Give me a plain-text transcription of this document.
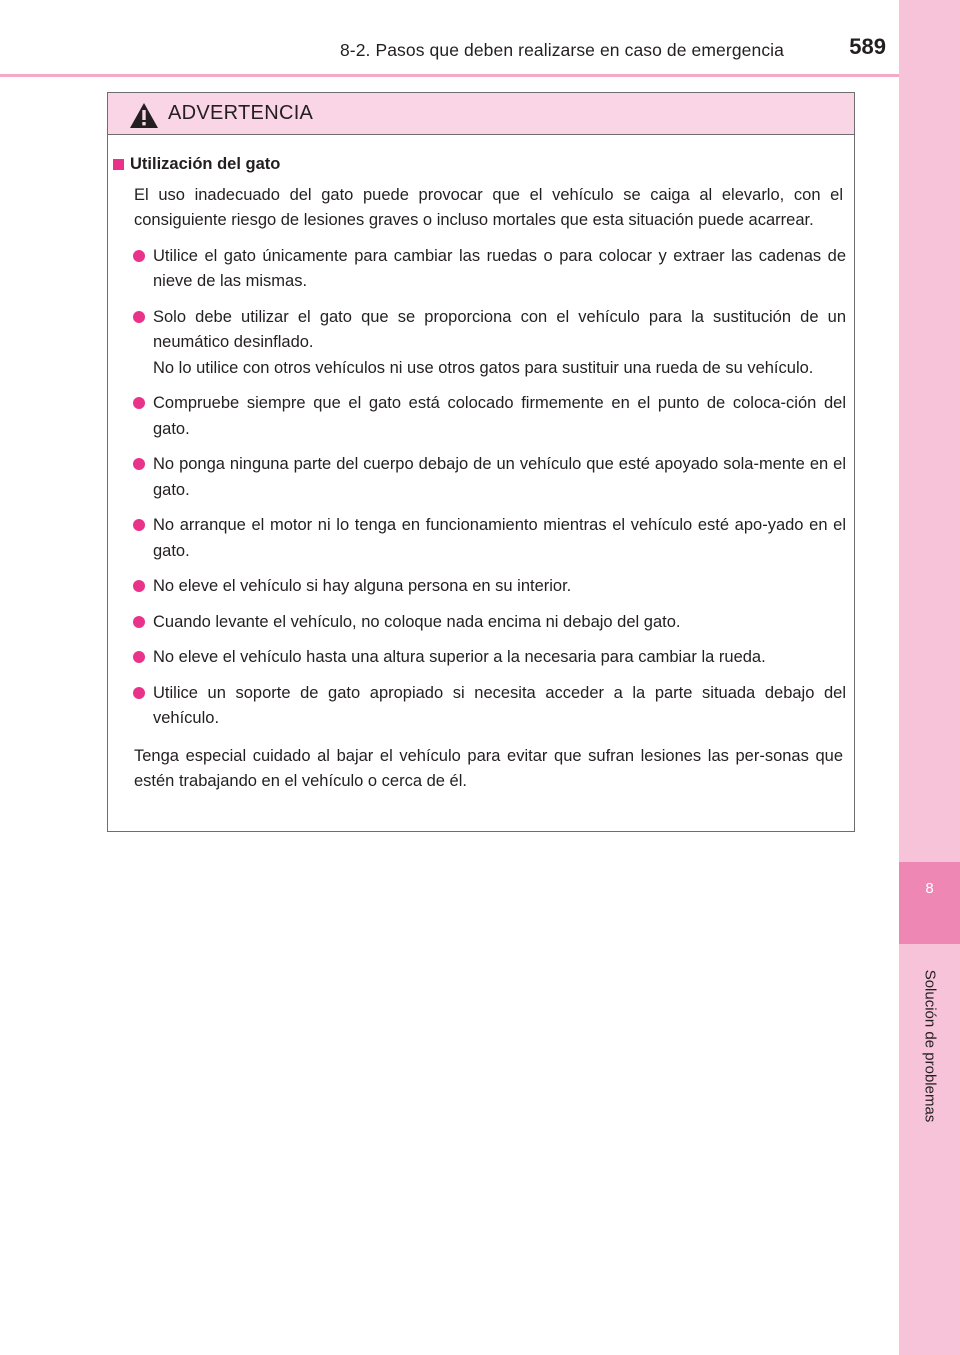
8-2. Pasos que deben realizarse en caso de emergencia	589
8
Solución de problemas
ADVERTENCIA
Utilización del gato
El uso inadecuado del gato puede provocar que el vehículo se caiga al elevarlo, con el consiguiente riesgo de lesiones graves o incluso mortales que esta situación puede acarrear.
Utilice el gato únicamente para cambiar las ruedas o para colocar y extraer las cadenas de nieve de las mismas.
Solo debe utilizar el gato que se proporciona con el vehículo para la sustitución de un neumático desinflado.
No lo utilice con otros vehículos ni use otros gatos para sustituir una rueda de su vehículo.
Compruebe siempre que el gato está colocado firmemente en el punto de coloca-ción del gato.
No ponga ninguna parte del cuerpo debajo de un vehículo que esté apoyado sola-mente en el gato.
No arranque el motor ni lo tenga en funcionamiento mientras el vehículo esté apo-yado en el gato.
No eleve el vehículo si hay alguna persona en su interior.
Cuando levante el vehículo, no coloque nada encima ni debajo del gato.
No eleve el vehículo hasta una altura superior a la necesaria para cambiar la rueda.
Utilice un soporte de gato apropiado si necesita acceder a la parte situada debajo del vehículo.
Tenga especial cuidado al bajar el vehículo para evitar que sufran lesiones las per-sonas que estén trabajando en el vehículo o cerca de él.
